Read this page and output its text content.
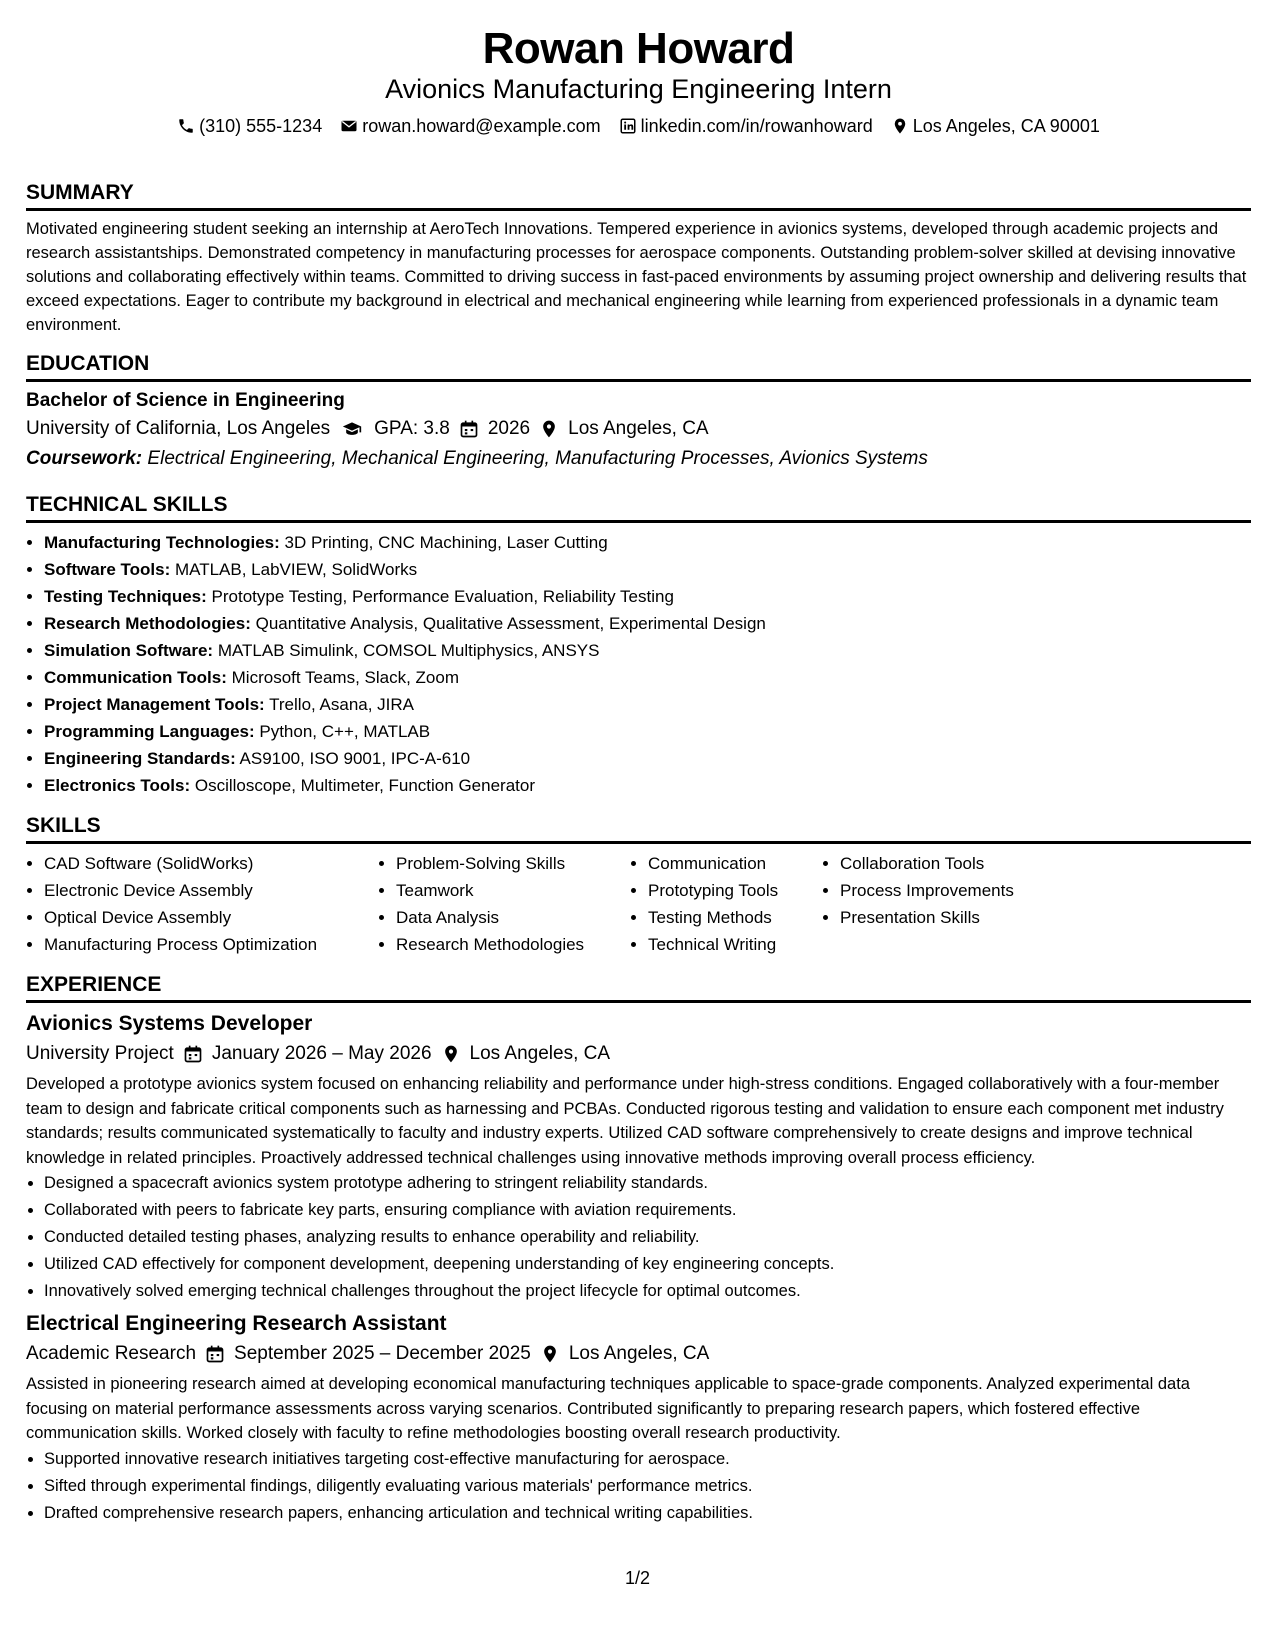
Rowan Howard
Avionics Manufacturing Engineering Intern
(310) 555-1234 rowan.howard@example.com linkedin.com/in/rowanhoward Los Angeles, CA 90001
SUMMARY
Motivated engineering student seeking an internship at AeroTech Innovations. Tempered experience in avionics systems, developed through academic projects and research assistantships. Demonstrated competency in manufacturing processes for aerospace components. Outstanding problem-solver skilled at devising innovative solutions and collaborating effectively within teams. Committed to driving success in fast-paced environments by assuming project ownership and delivering results that exceed expectations. Eager to contribute my background in electrical and mechanical engineering while learning from experienced professionals in a dynamic team environment.
EDUCATION
Bachelor of Science in Engineering
University of California, Los Angeles GPA: 3.8 2026 Los Angeles, CA
Coursework: Electrical Engineering, Mechanical Engineering, Manufacturing Processes, Avionics Systems
TECHNICAL SKILLS
• Manufacturing Technologies: 3D Printing, CNC Machining, Laser Cutting
• Software Tools: MATLAB, LabVIEW, SolidWorks
• Testing Techniques: Prototype Testing, Performance Evaluation, Reliability Testing
• Research Methodologies: Quantitative Analysis, Qualitative Assessment, Experimental Design
• Simulation Software: MATLAB Simulink, COMSOL Multiphysics, ANSYS
• Communication Tools: Microsoft Teams, Slack, Zoom
• Project Management Tools: Trello, Asana, JIRA
• Programming Languages: Python, C++, MATLAB
• Engineering Standards: AS9100, ISO 9001, IPC-A-610
• Electronics Tools: Oscilloscope, Multimeter, Function Generator
SKILLS
• CAD Software (SolidWorks)
• Electronic Device Assembly
• Optical Device Assembly
• Manufacturing Process Optimization
• Problem-Solving Skills
• Teamwork
• Data Analysis
• Research Methodologies
• Communication
• Prototyping Tools
• Testing Methods
• Technical Writing
• Collaboration Tools
• Process Improvements
• Presentation Skills
EXPERIENCE
Avionics Systems Developer
University Project January 2026 – May 2026 Los Angeles, CA
Developed a prototype avionics system focused on enhancing reliability and performance under high-stress conditions. Engaged collaboratively with a four-member team to design and fabricate critical components such as harnessing and PCBAs. Conducted rigorous testing and validation to ensure each component met industry standards; results communicated systematically to faculty and industry experts. Utilized CAD software comprehensively to create designs and improve technical knowledge in related principles. Proactively addressed technical challenges using innovative methods improving overall process efficiency.
• Designed a spacecraft avionics system prototype adhering to stringent reliability standards.
• Collaborated with peers to fabricate key parts, ensuring compliance with aviation requirements.
• Conducted detailed testing phases, analyzing results to enhance operability and reliability.
• Utilized CAD effectively for component development, deepening understanding of key engineering concepts.
• Innovatively solved emerging technical challenges throughout the project lifecycle for optimal outcomes.
Electrical Engineering Research Assistant
Academic Research September 2025 – December 2025 Los Angeles, CA
Assisted in pioneering research aimed at developing economical manufacturing techniques applicable to space-grade components. Analyzed experimental data focusing on material performance assessments across varying scenarios. Contributed significantly to preparing research papers, which fostered effective communication skills. Worked closely with faculty to refine methodologies boosting overall research productivity.
• Supported innovative research initiatives targeting cost-effective manufacturing for aerospace.
• Sifted through experimental findings, diligently evaluating various materials' performance metrics.
• Drafted comprehensive research papers, enhancing articulation and technical writing capabilities.
1/2
